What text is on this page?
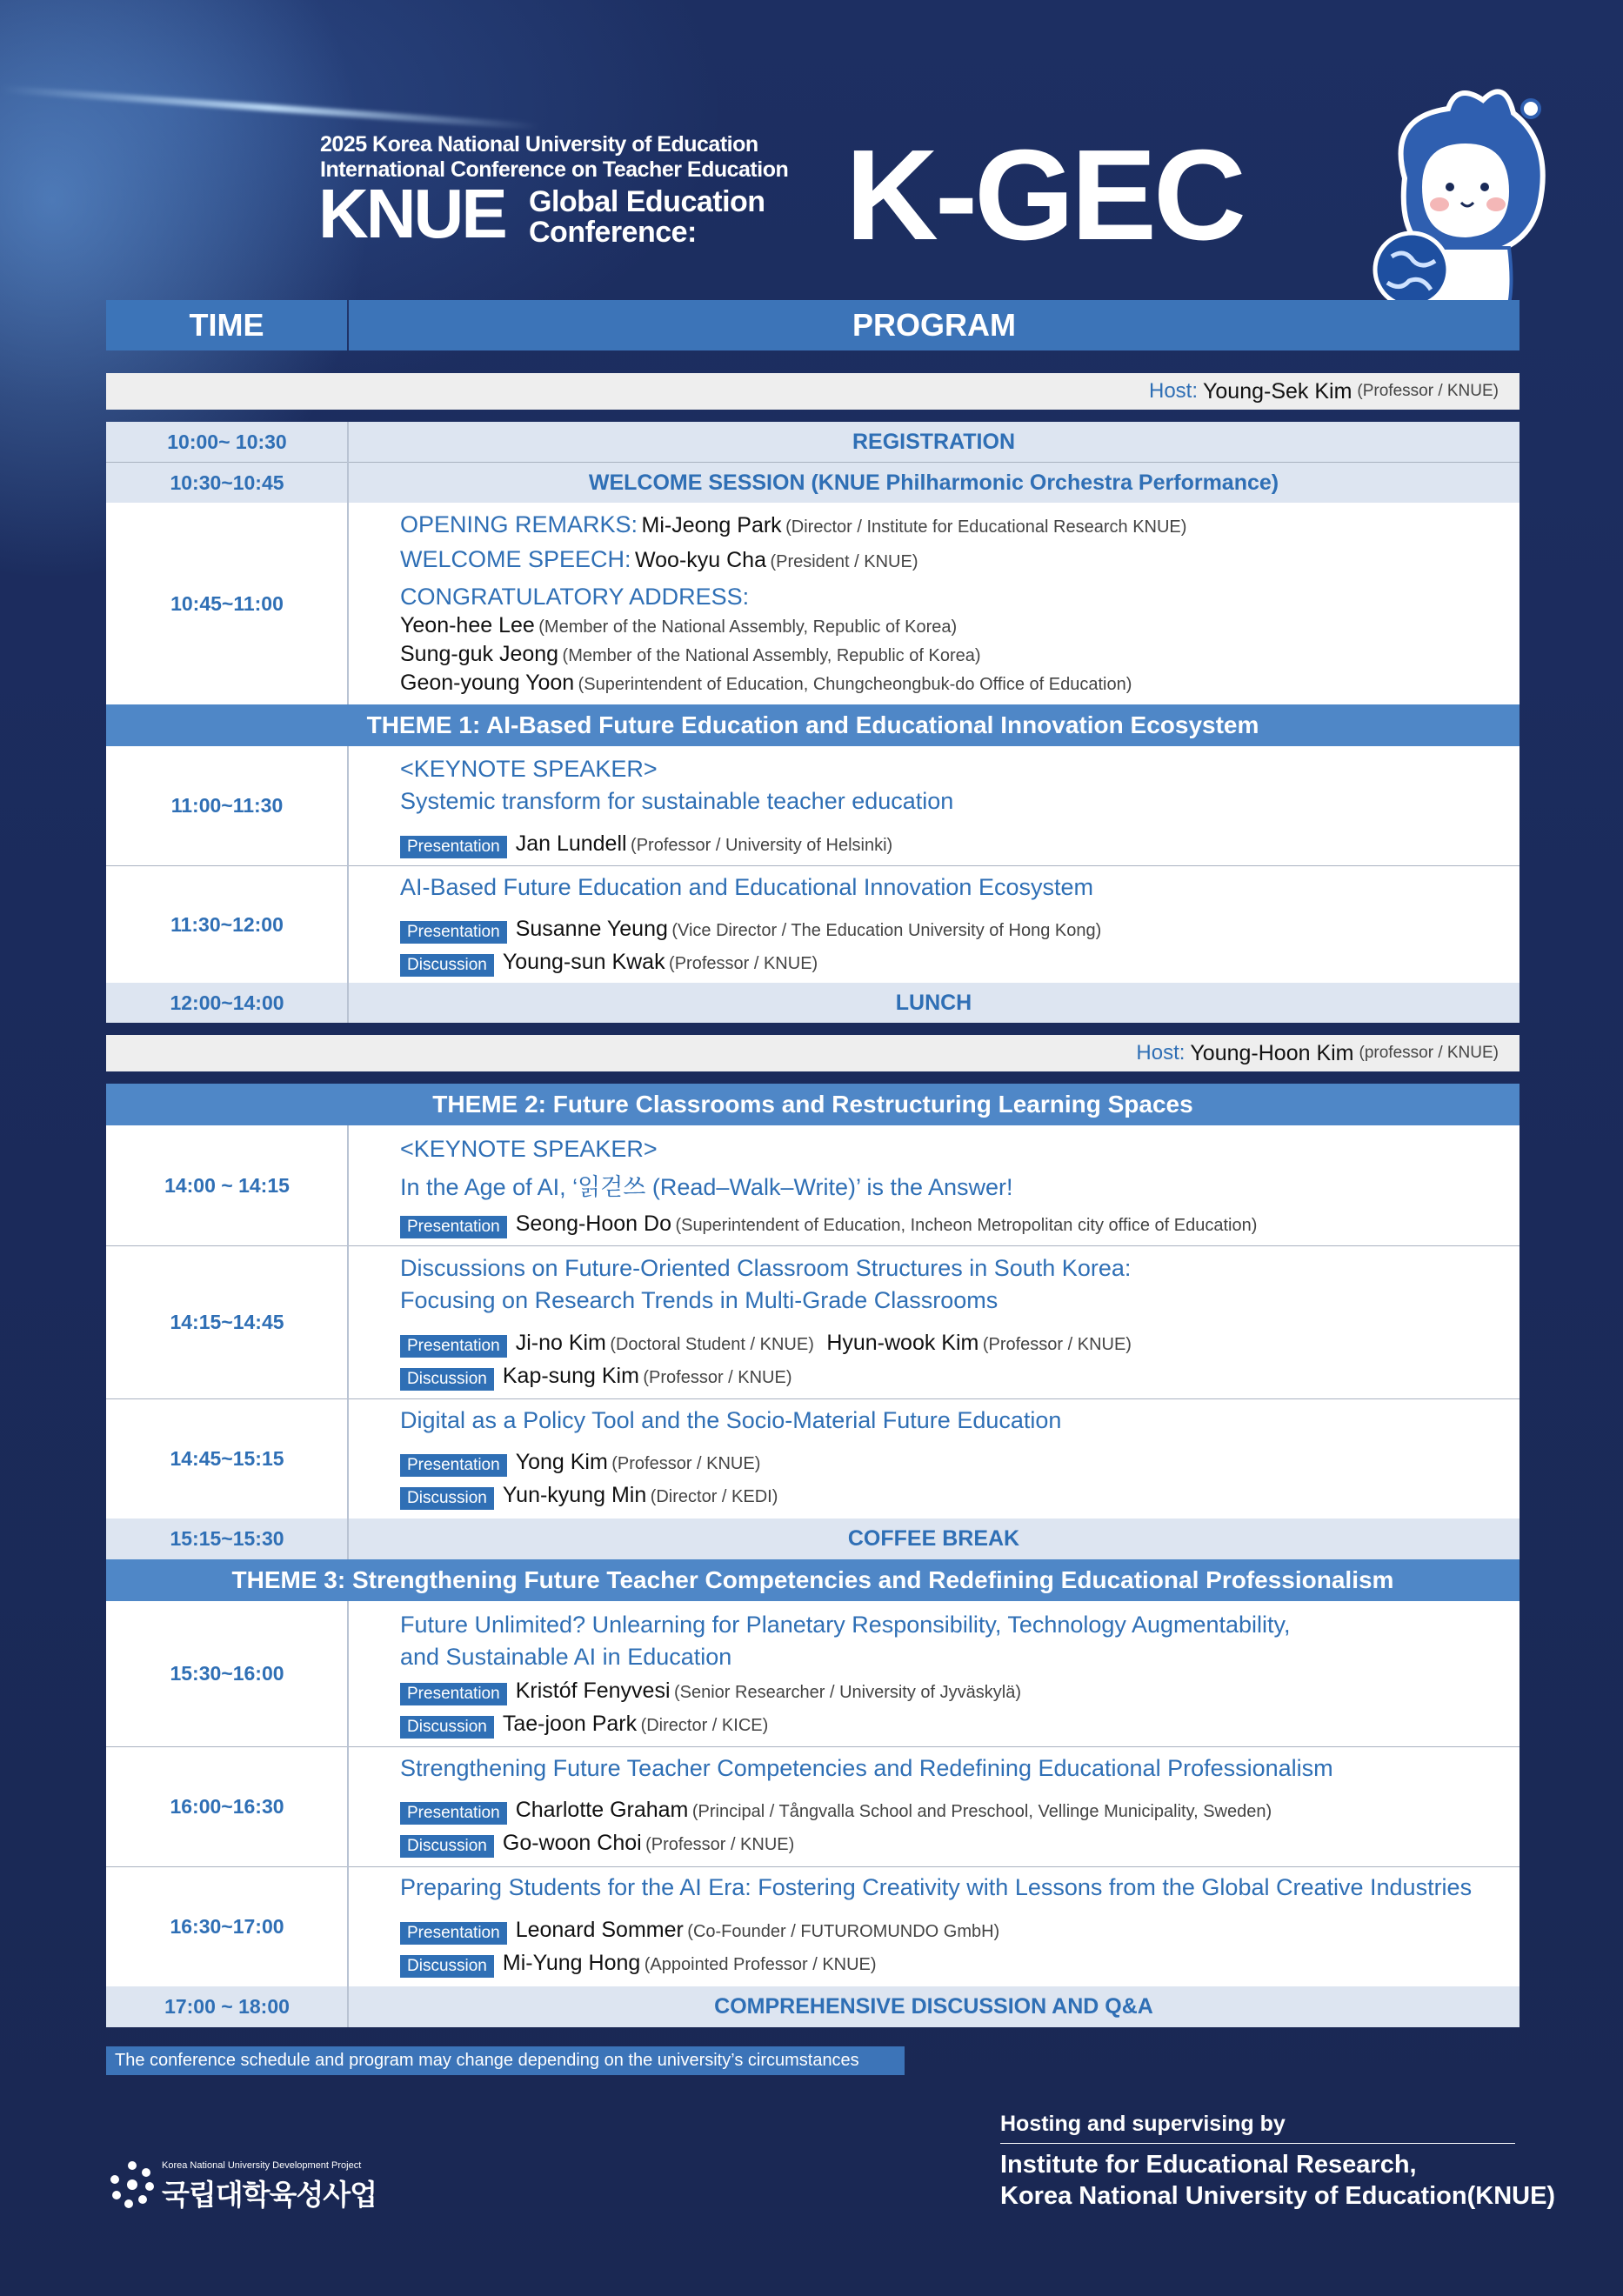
2025 Korea National University of Education
International Conference on Teacher Education
KNUE Global Education
Conference: K-GEC
TIME	PROGRAM
Host: Young-Sek Kim (Professor / KNUE)
10:00~ 10:30	REGISTRATION
10:30~10:45	WELCOME SESSION (KNUE Philharmonic Orchestra Performance)
10:45~11:00
OPENING REMARKS: Mi-Jeong Park (Director / Institute for Educational Research KNUE)
WELCOME SPEECH: Woo-kyu Cha (President / KNUE)
CONGRATULATORY ADDRESS:
Yeon-hee Lee (Member of the National Assembly, Republic of Korea)
Sung-guk Jeong (Member of the National Assembly, Republic of Korea)
Geon-young Yoon (Superintendent of Education, Chungcheongbuk-do Office of Education)
THEME 1: AI-Based Future Education and Educational Innovation Ecosystem
11:00~11:30
<KEYNOTE SPEAKER>
Systemic transform for sustainable teacher education
Presentation Jan Lundell (Professor / University of Helsinki)
11:30~12:00
AI-Based Future Education and Educational Innovation Ecosystem
Presentation Susanne Yeung (Vice Director / The Education University of Hong Kong)
Discussion Young-sun Kwak (Professor / KNUE)
12:00~14:00	LUNCH
Host: Young-Hoon Kim (professor / KNUE)
THEME 2: Future Classrooms and Restructuring Learning Spaces
14:00 ~ 14:15
<KEYNOTE SPEAKER>
In the Age of AI, ‘읽걷쓰 (Read–Walk–Write)’ is the Answer!
Presentation Seong-Hoon Do (Superintendent of Education, Incheon Metropolitan city office of Education)
14:15~14:45
Discussions on Future-Oriented Classroom Structures in South Korea:
Focusing on Research Trends in Multi-Grade Classrooms
Presentation Ji-no Kim (Doctoral Student / KNUE) Hyun-wook Kim (Professor / KNUE)
Discussion Kap-sung Kim (Professor / KNUE)
14:45~15:15
Digital as a Policy Tool and the Socio-Material Future Education
Presentation Yong Kim (Professor / KNUE)
Discussion Yun-kyung Min (Director / KEDI)
15:15~15:30	COFFEE BREAK
THEME 3: Strengthening Future Teacher Competencies and Redefining Educational Professionalism
15:30~16:00
Future Unlimited? Unlearning for Planetary Responsibility, Technology Augmentability,
and Sustainable AI in Education
Presentation Kristóf Fenyvesi (Senior Researcher / University of Jyväskylä)
Discussion Tae-joon Park (Director / KICE)
16:00~16:30
Strengthening Future Teacher Competencies and Redefining Educational Professionalism
Presentation Charlotte Graham (Principal / Tångvalla School and Preschool, Vellinge Municipality, Sweden)
Discussion Go-woon Choi (Professor / KNUE)
16:30~17:00
Preparing Students for the AI Era: Fostering Creativity with Lessons from the Global Creative Industries
Presentation Leonard Sommer (Co-Founder / FUTUROMUNDO GmbH)
Discussion Mi-Yung Hong (Appointed Professor / KNUE)
17:00 ~ 18:00	COMPREHENSIVE DISCUSSION AND Q&A
The conference schedule and program may change depending on the university’s circumstances
Korea National University Development Project
국립대학육성사업
Hosting and supervising by
Institute for Educational Research,
Korea National University of Education(KNUE)
